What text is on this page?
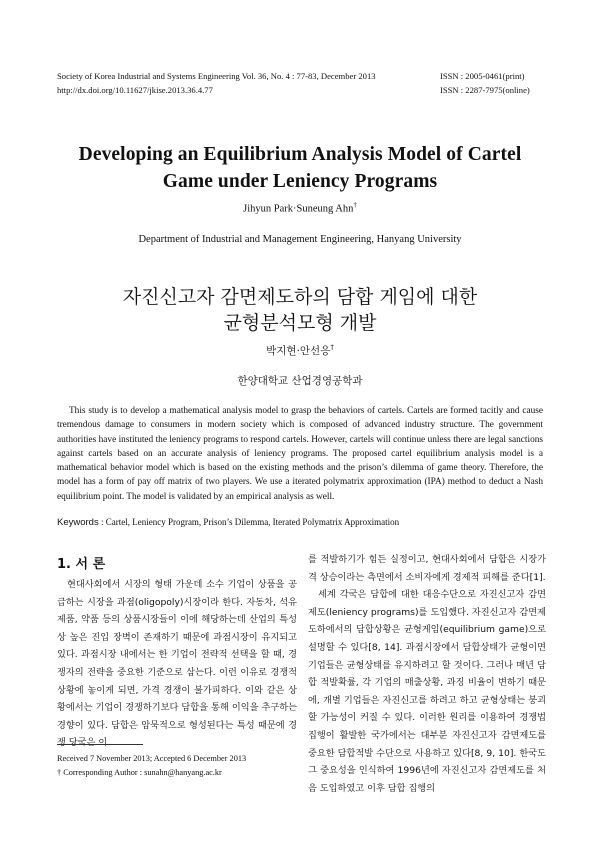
Society of Korea Industrial and Systems Engineering Vol. 36, No. 4 : 77-83, December 2013
http://dx.doi.org/10.11627/jkise.2013.36.4.77
ISSN : 2005-0461(print)
ISSN : 2287-7975(online)
Developing an Equilibrium Analysis Model of Cartel
Game under Leniency Programs
Jihyun Park·Suneung Ahn†
Department of Industrial and Management Engineering, Hanyang University
자진신고자 감면제도하의 담합 게임에 대한
균형분석모형 개발
박지현·안선응†
한양대학교 산업경영공학과
This study is to develop a mathematical analysis model to grasp the behaviors of cartels. Cartels are formed tacitly and cause tremendous damage to consumers in modern society which is composed of advanced industry structure. The government authorities have instituted the leniency programs to respond cartels. However, cartels will continue unless there are legal sanctions against cartels based on an accurate analysis of leniency programs. The proposed cartel equilibrium analysis model is a mathematical behavior model which is based on the existing methods and the prison’s dilemma of game theory. Therefore, the model has a form of pay off matrix of two players. We use a iterated polymatrix approximation (IPA) method to deduct a Nash equilibrium point. The model is validated by an empirical analysis as well.
Keywords : Cartel, Leniency Program, Prison’s Dilemma, Iterated Polymatrix Approximation
1. 서 론

현대사회에서 시장의 형태 가운데 소수 기업이 상품을 공급하는 시장을 과점(oligopoly)시장이라 한다. 자동차, 석유제품, 약품 등의 상품시장들이 이에 해당하는데 산업의 특성상 높은 진입 장벽이 존재하기 때문에 과점시장이 유지되고 있다. 과점시장 내에서는 한 기업이 전략적 선택을 할 때, 경쟁자의 전략을 중요한 기준으로 삼는다. 이런 이유로 경쟁적 상황에 놓이게 되면, 가격 경쟁이 불가피하다. 이와 같은 상황에서는 기업이 경쟁하기보다 담합을 통해 이익을 추구하는 경향이 있다. 담합은 암묵적으로 형성된다는 특성 때문에 경쟁 당국은 이

를 적발하기가 힘든 실정이고, 현대사회에서 담합은 시장가격 상승이라는 측면에서 소비자에게 경제적 피해를 준다[1].

세계 각국은 담합에 대한 대응수단으로 자진신고자 감면제도(leniency programs)를 도입했다. 자진신고자 감면제도하에서의 담합상황은 균형게임(equilibrium game)으로 설명할 수 있다[8, 14]. 과점시장에서 담합상태가 균형이면 기업들은 균형상태를 유지하려고 할 것이다. 그러나 매년 담합 적발확률, 각 기업의 매출상황, 과징 비율이 변하기 때문에, 개별 기업들은 자진신고를 하려고 하고 균형상태는 붕괴할 가능성이 커질 수 있다. 이러한 원리를 이용하여 경쟁법 집행이 활발한 국가에서는 대부분 자진신고자 감면제도를 중요한 담합적발 수단으로 사용하고 있다[8, 9, 10]. 한국도 그 중요성을 인식하여 1996년에 자진신고자 감면제도를 처음 도입하였고 이후 담합 집행의

Received 7 November 2013; Accepted 6 December 2013
† Corresponding Author : sunahn@hanyang.ac.kr
